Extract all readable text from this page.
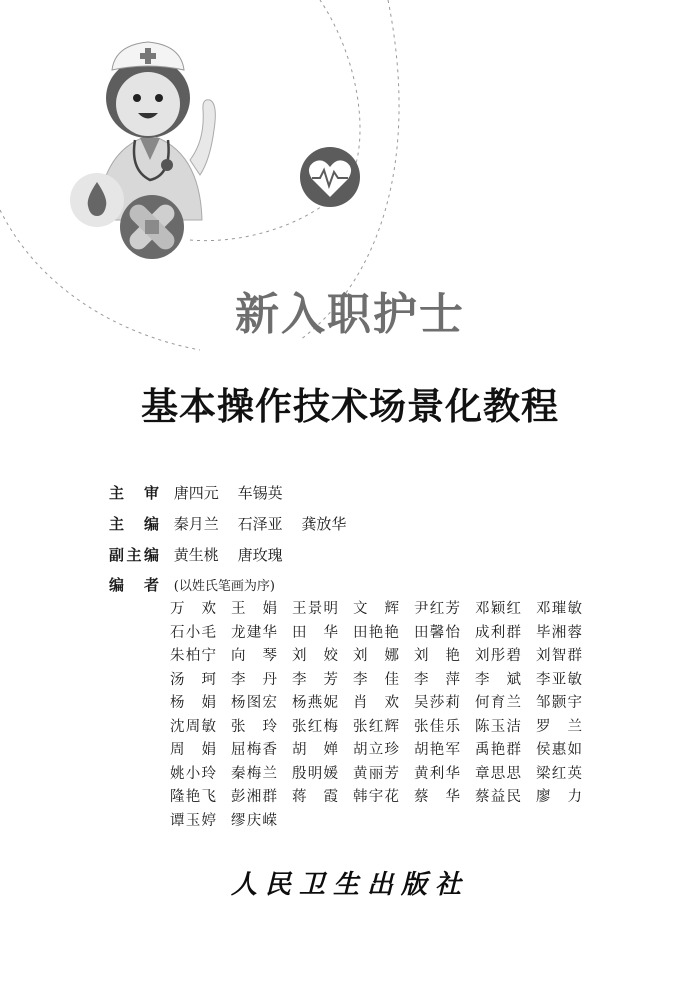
新入职护士
基本操作技术场景化教程
主审 唐四元 车锡英
主编 秦月兰 石泽亚 龚放华
副主编 黄生桃 唐玫瑰
编者 (以姓氏笔画为序)
万欢 王娟 王景明 文辉 尹红芳 邓颖红 邓璀敏
石小毛 龙建华 田华 田艳艳 田馨怡 成利群 毕湘蓉
朱柏宁 向琴 刘姣 刘娜 刘艳 刘彤碧 刘智群
汤珂 李丹 李芳 李佳 李萍 李斌 李亚敏
杨娟 杨图宏 杨燕妮 肖欢 吴莎莉 何育兰 邹颢宇
沈周敏 张玲 张红梅 张红辉 张佳乐 陈玉洁 罗兰
周娟 屈梅香 胡婵 胡立珍 胡艳军 禹艳群 侯惠如
姚小玲 秦梅兰 殷明媛 黄丽芳 黄利华 章思思 梁红英
隆艳飞 彭湘群 蒋霞 韩宇花 蔡华 蔡益民 廖力
谭玉婷 缪庆嵘
人民卫生出版社
